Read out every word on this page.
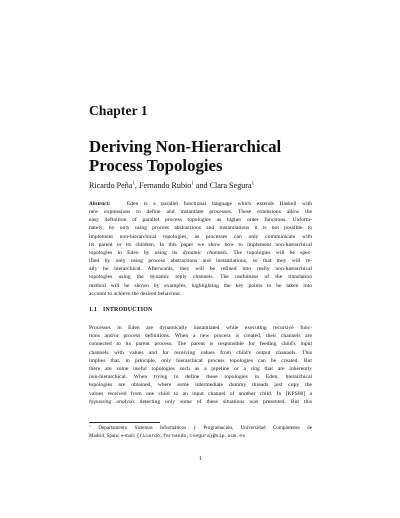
Chapter 1
Deriving Non-Hierarchical
Process Topologies
Ricardo Peña$^1$, Fernando Rubio$^1$ and Clara Segura$^1$
Abstract:	Eden is a parallel functional language which extends Haskell with
new expressions to define and instantiate processes. These extensions allow the
easy definition of parallel process topologies as higher order functions. Unfortu-
nately, by only using process abstractions and instantiations it is not possible to
implement non-hierarchical topologies, as processes can only communicate with
its parent or its children. In this paper we show how to implement non-hierarchical
topologies in Eden by using its dynamic channels. The topologies will be spec-
ified by only using process abstractions and instantiations, so that they will re-
ally be hierarchical. Afterwards, they will be refined into really non-hierarchical
topologies using the dynamic reply channels. The usefulness of the translation
method will be shown by examples, highlighting the key points to be taken into
account to achieve the desired behaviour.
1.1 INTRODUCTION
Processes in Eden are dynamically instantiated while executing recursive func-
tions and/or process definitions. When a new process is created, their channels are
connected to its parent process. The parent is responsible for feeding child's input
channels with values and for receiving values from child's output channels. This
implies that, in principle, only hierarchical process topologies can be created. But
there are some useful topologies such as a pipeline or a ring that are inherently
non-hierarchical. When trying to define these topologies in Eden, hierarchical
topologies are obtained, where some intermediate dummy threads just copy the
values received from one child to an input channel of another child. In [KPS00] a
bypassing analysis detecting only some of these situations was presented. But this
$^1$ Departamento Sistemas Informáticos y Programación, Universidad Complutense de
Madrid, Spain; e-mail: {ricardo,fernando,csegura}@sip.ucm.es
1
